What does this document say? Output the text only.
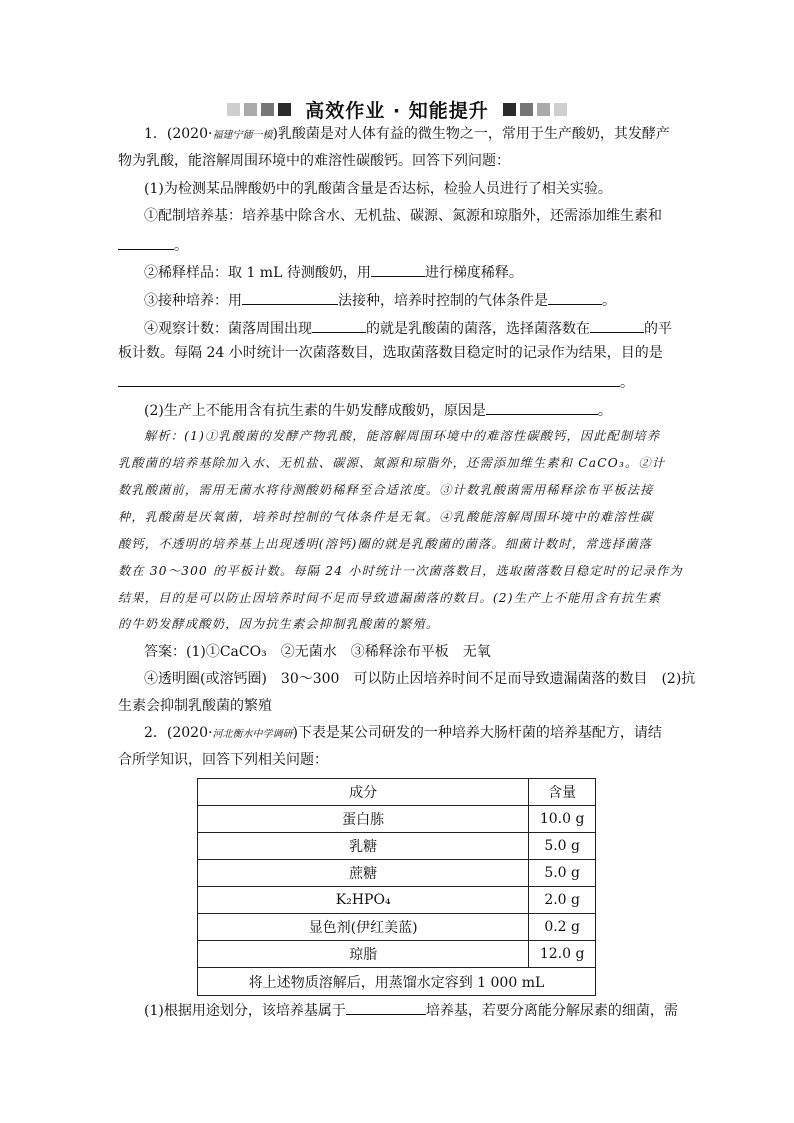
高效作业 · 知能提升
1．(2020·福建宁德一模)乳酸菌是对人体有益的微生物之一，常用于生产酸奶，其发酵产
物为乳酸，能溶解周围环境中的难溶性碳酸钙。回答下列问题：
(1)为检测某品牌酸奶中的乳酸菌含量是否达标，检验人员进行了相关实验。
①配制培养基：培养基中除含水、无机盐、碳源、氮源和琼脂外，还需添加维生素和
。
②稀释样品：取 1 mL 待测酸奶，用	进行梯度稀释。
③接种培养：用	法接种，培养时控制的气体条件是	。
④观察计数：菌落周围出现	的就是乳酸菌的菌落，选择菌落数在	的平
板计数。每隔 24 小时统计一次菌落数目，选取菌落数目稳定时的记录作为结果，目的是
。
(2)生产上不能用含有抗生素的牛奶发酵成酸奶，原因是	。
解析：(1)①乳酸菌的发酵产物乳酸，能溶解周围环境中的难溶性碳酸钙，因此配制培养
乳酸菌的培养基除加入水、无机盐、碳源、氮源和琼脂外，还需添加维生素和 CaCO₃。②计
数乳酸菌前，需用无菌水将待测酸奶稀释至合适浓度。③计数乳酸菌需用稀释涂布平板法接
种，乳酸菌是厌氧菌，培养时控制的气体条件是无氧。④乳酸能溶解周围环境中的难溶性碳
酸钙，不透明的培养基上出现透明(溶钙)圈的就是乳酸菌的菌落。细菌计数时，常选择菌落
数在 30～300 的平板计数。每隔 24 小时统计一次菌落数目，选取菌落数目稳定时的记录作为
结果，目的是可以防止因培养时间不足而导致遗漏菌落的数目。(2)生产上不能用含有抗生素
的牛奶发酵成酸奶，因为抗生素会抑制乳酸菌的繁殖。
答案：(1)①CaCO₃　②无菌水　③稀释涂布平板　无氧
④透明圈(或溶钙圈)　30～300　可以防止因培养时间不足而导致遗漏菌落的数目　(2)抗
生素会抑制乳酸菌的繁殖
2．(2020·河北衡水中学调研)下表是某公司研发的一种培养大肠杆菌的培养基配方，请结
合所学知识，回答下列相关问题：
成分	含量
蛋白胨	10.0 g
乳糖	5.0 g
蔗糖	5.0 g
K₂HPO₄	2.0 g
显色剂(伊红美蓝)	0.2 g
琼脂	12.0 g
将上述物质溶解后，用蒸馏水定容到 1 000 mL	
(1)根据用途划分，该培养基属于	培养基，若要分离能分解尿素的细菌，需
